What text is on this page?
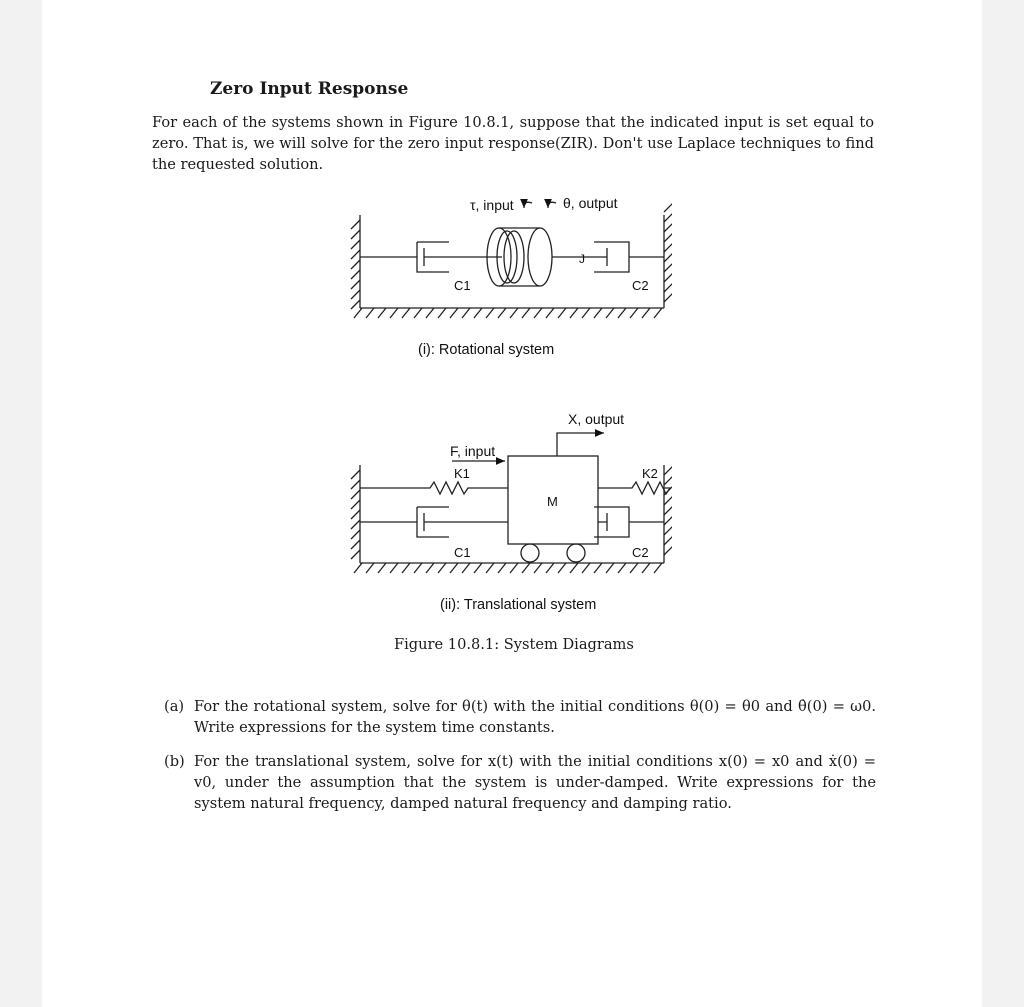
Zero Input Response
For each of the systems shown in Figure 10.8.1, suppose that the indicated input is set equal to zero. That is, we will solve for the zero input response(ZIR). Don't use Laplace techniques to find the requested solution.
τ, input	θ, output
J
C1	C2
(i): Rotational system
X, output
F, input
K1	K2
M
C1	C2
(ii): Translational system
Figure 10.8.1: System Diagrams
(a) For the rotational system, solve for θ(t) with the initial conditions θ(0) = θ0 and θ̇(0) = ω0. Write expressions for the system time constants.
(b) For the translational system, solve for x(t) with the initial conditions x(0) = x0 and ẋ(0) = v0, under the assumption that the system is under-damped. Write expressions for the system natural frequency, damped natural frequency and damping ratio.
